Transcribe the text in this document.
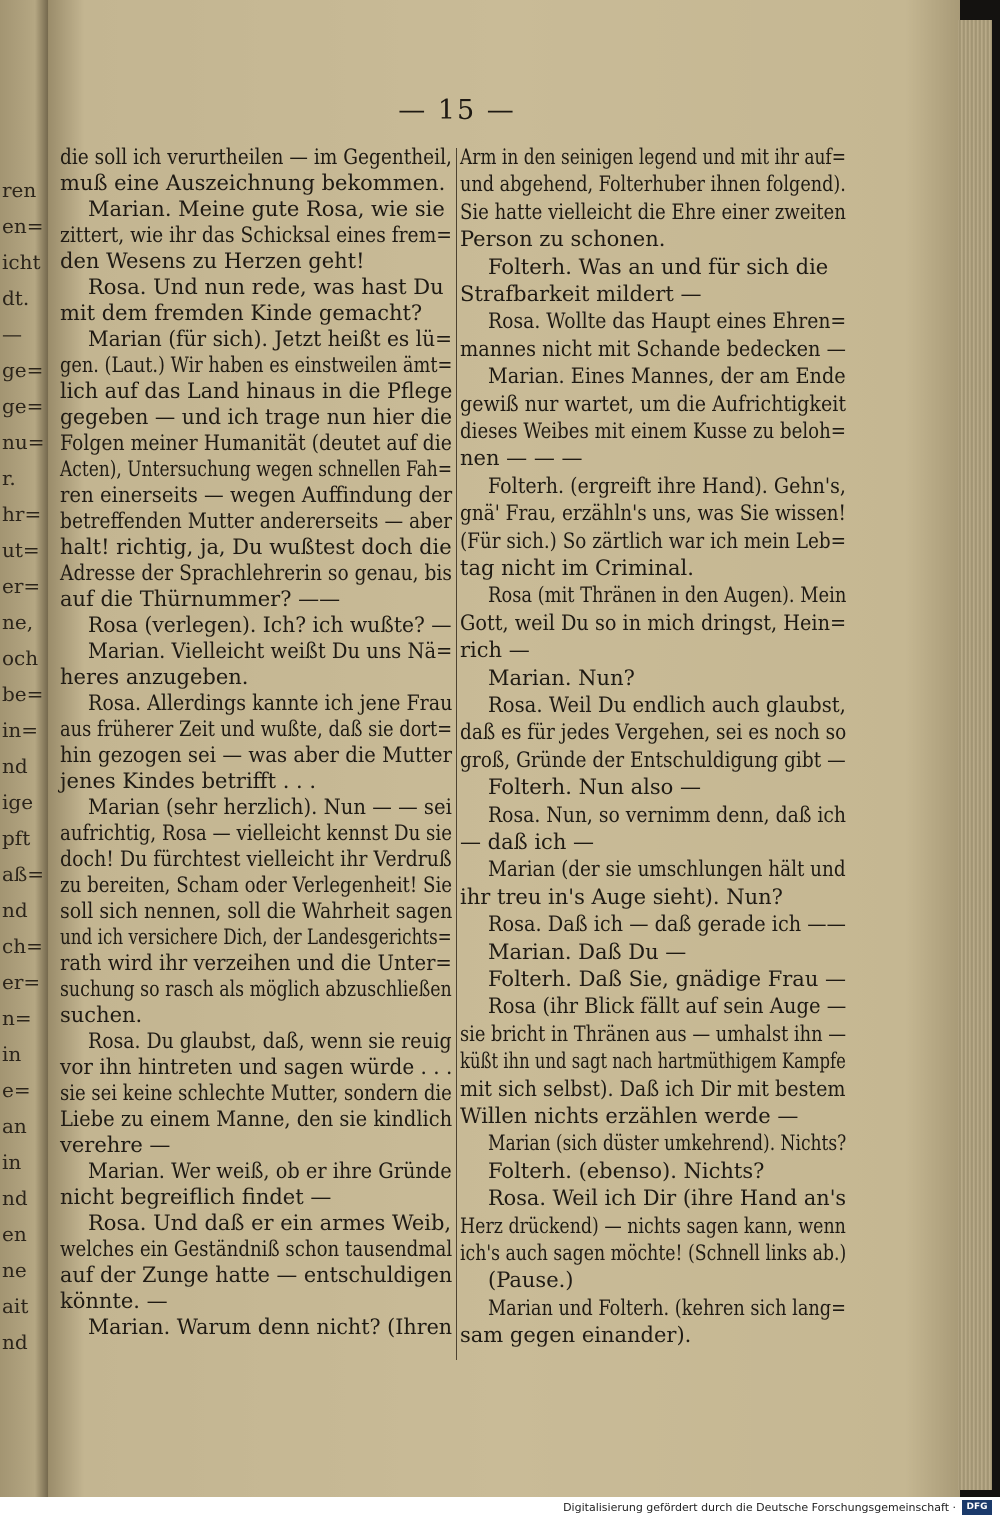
ren
en=
icht
dt.
—
ge=
ge=
nu=
r.
hr=
ut=
er=
ne,
och
be=
in=
nd
ige
pft
aß=
nd
ch=
er=
n=
in
e=
an
in
nd
en
ne
ait
nd
— 15 —
die soll ich verurtheilen — im Gegentheil,
muß eine Auszeichnung bekommen.
Marian. Meine gute Rosa, wie sie
zittert, wie ihr das Schicksal eines frem=
den Wesens zu Herzen geht!
Rosa. Und nun rede, was hast Du
mit dem fremden Kinde gemacht?
Marian (für sich). Jetzt heißt es lü=
gen. (Laut.) Wir haben es einstweilen ämt=
lich auf das Land hinaus in die Pflege
gegeben — und ich trage nun hier die
Folgen meiner Humanität (deutet auf die
Acten), Untersuchung wegen schnellen Fah=
ren einerseits — wegen Auffindung der
betreffenden Mutter andererseits — aber
halt! richtig, ja, Du wußtest doch die
Adresse der Sprachlehrerin so genau, bis
auf die Thürnummer? ——
Rosa (verlegen). Ich? ich wußte? —
Marian. Vielleicht weißt Du uns Nä=
heres anzugeben.
Rosa. Allerdings kannte ich jene Frau
aus früherer Zeit und wußte, daß sie dort=
hin gezogen sei — was aber die Mutter
jenes Kindes betrifft . . .
Marian (sehr herzlich). Nun — — sei
aufrichtig, Rosa — vielleicht kennst Du sie
doch! Du fürchtest vielleicht ihr Verdruß
zu bereiten, Scham oder Verlegenheit! Sie
soll sich nennen, soll die Wahrheit sagen
und ich versichere Dich, der Landesgerichts=
rath wird ihr verzeihen und die Unter=
suchung so rasch als möglich abzuschließen
suchen.
Rosa. Du glaubst, daß, wenn sie reuig
vor ihn hintreten und sagen würde . . .
sie sei keine schlechte Mutter, sondern die
Liebe zu einem Manne, den sie kindlich
verehre —
Marian. Wer weiß, ob er ihre Gründe
nicht begreiflich findet —
Rosa. Und daß er ein armes Weib,
welches ein Geständniß schon tausendmal
auf der Zunge hatte — entschuldigen
könnte. —
Marian. Warum denn nicht? (Ihren
Arm in den seinigen legend und mit ihr auf=
und abgehend, Folterhuber ihnen folgend).
Sie hatte vielleicht die Ehre einer zweiten
Person zu schonen.
Folterh. Was an und für sich die
Strafbarkeit mildert —
Rosa. Wollte das Haupt eines Ehren=
mannes nicht mit Schande bedecken —
Marian. Eines Mannes, der am Ende
gewiß nur wartet, um die Aufrichtigkeit
dieses Weibes mit einem Kusse zu beloh=
nen — — —
Folterh. (ergreift ihre Hand). Gehn's,
gnä' Frau, erzähln's uns, was Sie wissen!
(Für sich.) So zärtlich war ich mein Leb=
tag nicht im Criminal.
Rosa (mit Thränen in den Augen). Mein
Gott, weil Du so in mich dringst, Hein=
rich —
Marian. Nun?
Rosa. Weil Du endlich auch glaubst,
daß es für jedes Vergehen, sei es noch so
groß, Gründe der Entschuldigung gibt —
Folterh. Nun also —
Rosa. Nun, so vernimm denn, daß ich
— daß ich —
Marian (der sie umschlungen hält und
ihr treu in's Auge sieht). Nun?
Rosa. Daß ich — daß gerade ich ——
Marian. Daß Du —
Folterh. Daß Sie, gnädige Frau —
Rosa (ihr Blick fällt auf sein Auge —
sie bricht in Thränen aus — umhalst ihn —
küßt ihn und sagt nach hartmüthigem Kampfe
mit sich selbst). Daß ich Dir mit bestem
Willen nichts erzählen werde —
Marian (sich düster umkehrend). Nichts?
Folterh. (ebenso). Nichts?
Rosa. Weil ich Dir (ihre Hand an's
Herz drückend) — nichts sagen kann, wenn
ich's auch sagen möchte! (Schnell links ab.)
(Pause.)
Marian und Folterh. (kehren sich lang=
sam gegen einander).
Digitalisierung gefördert durch die Deutsche Forschungsgemeinschaft ·	DFG
